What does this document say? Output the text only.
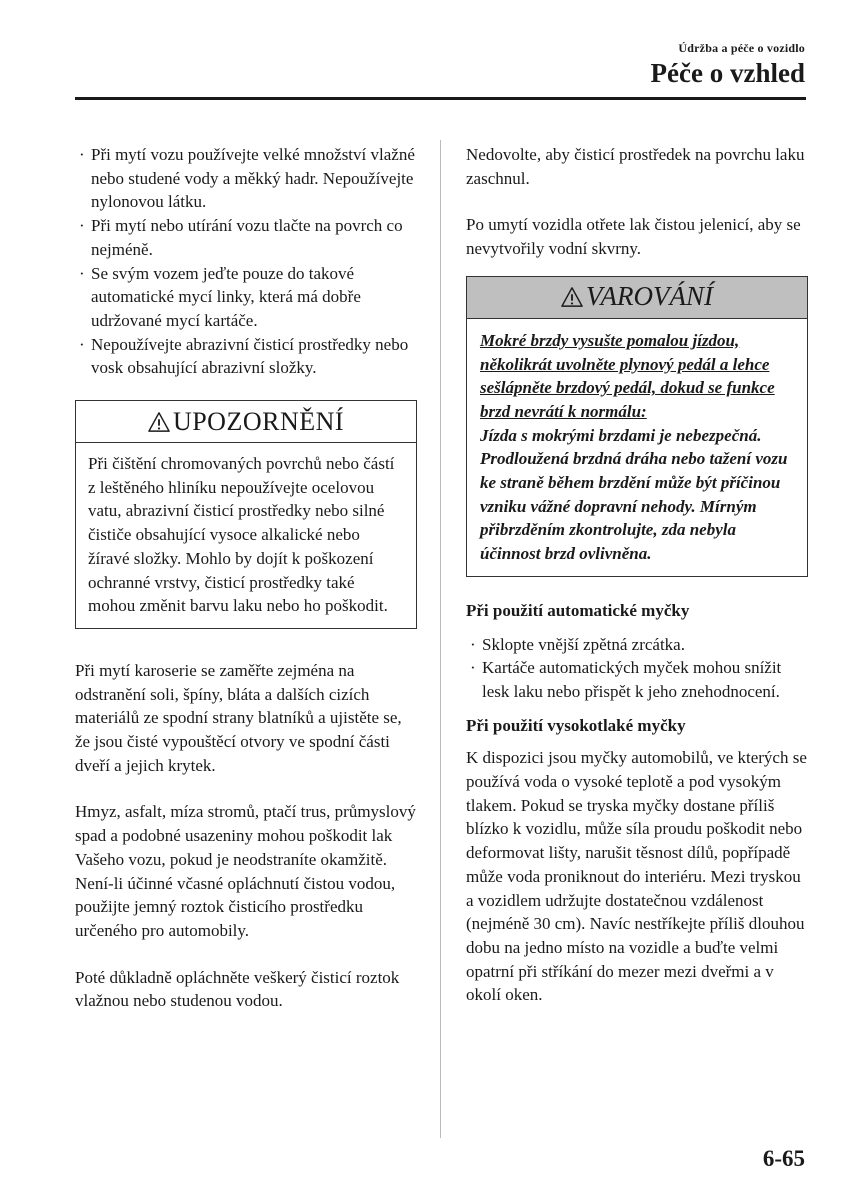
Údržba a péče o vozidlo
Péče o vzhled
· Při mytí vozu používejte velké množství vlažné nebo studené vody a měkký hadr. Nepoužívejte nylonovou látku.
· Při mytí nebo utírání vozu tlačte na povrch co nejméně.
· Se svým vozem jeďte pouze do takové automatické mycí linky, která má dobře udržované mycí kartáče.
· Nepoužívejte abrazivní čisticí prostředky nebo vosk obsahující abrazivní složky.
UPOZORNĚNÍ
Při čištění chromovaných povrchů nebo částí z leštěného hliníku nepoužívejte ocelovou vatu, abrazivní čisticí prostředky nebo silné čističe obsahující vysoce alkalické nebo žíravé složky. Mohlo by dojít k poškození ochranné vrstvy, čisticí prostředky také mohou změnit barvu laku nebo ho poškodit.

Při mytí karoserie se zaměřte zejména na odstranění soli, špíny, bláta a dalších cizích materiálů ze spodní strany blatníků a ujistěte se, že jsou čisté vypouštěcí otvory ve spodní části dveří a jejich krytek.

Hmyz, asfalt, míza stromů, ptačí trus, průmyslový spad a podobné usazeniny mohou poškodit lak Vašeho vozu, pokud je neodstraníte okamžitě. Není-li účinné včasné opláchnutí čistou vodou, použijte jemný roztok čisticího prostředku určeného pro automobily.

Poté důkladně opláchněte veškerý čisticí roztok vlažnou nebo studenou vodou.

Nedovolte, aby čisticí prostředek na povrchu laku zaschnul.

Po umytí vozidla otřete lak čistou jelenicí, aby se nevytvořily vodní skvrny.

VAROVÁNÍ
Mokré brzdy vysušte pomalou jízdou, několikrát uvolněte plynový pedál a lehce sešlápněte brzdový pedál, dokud se funkce brzd nevrátí k normálu:
Jízda s mokrými brzdami je nebezpečná. Prodloužená brzdná dráha nebo tažení vozu ke straně během brzdění může být příčinou vzniku vážné dopravní nehody. Mírným přibrzděním zkontrolujte, zda nebyla účinnost brzd ovlivněna.
Při použití automatické myčky
· Sklopte vnější zpětná zrcátka.
· Kartáče automatických myček mohou snížit lesk laku nebo přispět k jeho znehodnocení.
Při použití vysokotlaké myčky

K dispozici jsou myčky automobilů, ve kterých se používá voda o vysoké teplotě a pod vysokým tlakem. Pokud se tryska myčky dostane příliš blízko k vozidlu, může síla proudu poškodit nebo deformovat lišty, narušit těsnost dílů, popřípadě může voda proniknout do interiéru. Mezi tryskou a vozidlem udržujte dostatečnou vzdálenost (nejméně 30 cm). Navíc nestříkejte příliš dlouhou dobu na jedno místo na vozidle a buďte velmi opatrní při stříkání do mezer mezi dveřmi a v okolí oken.

6-65
